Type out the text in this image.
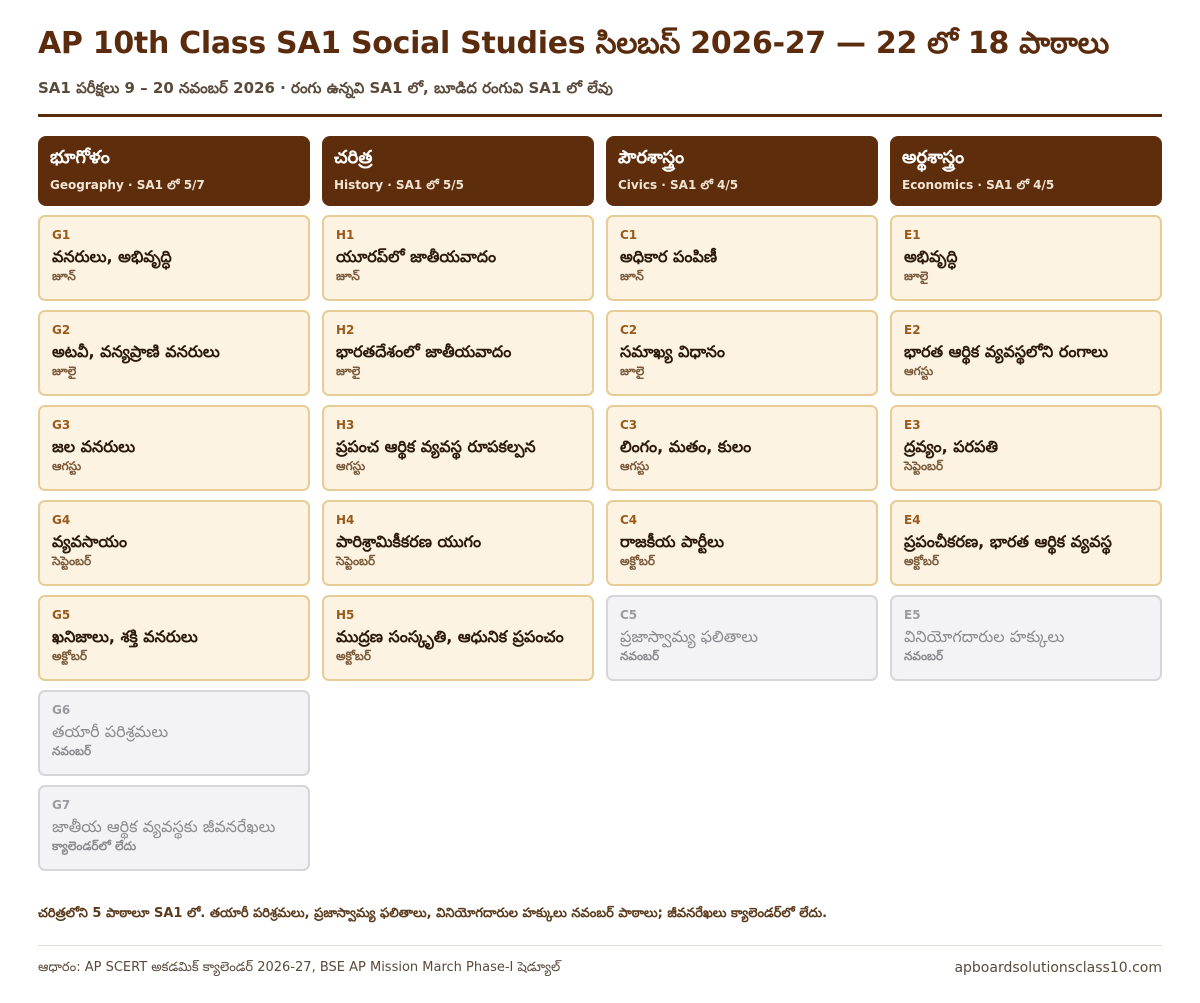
AP 10th Class SA1 Social Studies సిలబస్ 2026-27 — 22 లో 18 పాఠాలు
SA1 పరీక్షలు 9 – 20 నవంబర్ 2026 · రంగు ఉన్నవి SA1 లో, బూడిద రంగువి SA1 లో లేవు
భూగోళం
Geography · SA1 లో 5/7
G1
వనరులు, అభివృద్ధి
జూన్
G2
అటవీ, వన్యప్రాణి వనరులు
జూలై
G3
జల వనరులు
ఆగస్టు
G4
వ్యవసాయం
సెప్టెంబర్
G5
ఖనిజాలు, శక్తి వనరులు
అక్టోబర్
G6
తయారీ పరిశ్రమలు
నవంబర్
G7
జాతీయ ఆర్థిక వ్యవస్థకు జీవనరేఖలు
క్యాలెండర్‌లో లేదు
చరిత్ర
History · SA1 లో 5/5
H1
యూరప్‌లో జాతీయవాదం
జూన్
H2
భారతదేశంలో జాతీయవాదం
జూలై
H3
ప్రపంచ ఆర్థిక వ్యవస్థ రూపకల్పన
ఆగస్టు
H4
పారిశ్రామికీకరణ యుగం
సెప్టెంబర్
H5
ముద్రణ సంస్కృతి, ఆధునిక ప్రపంచం
అక్టోబర్
పౌరశాస్త్రం
Civics · SA1 లో 4/5
C1
అధికార పంపిణీ
జూన్
C2
సమాఖ్య విధానం
జూలై
C3
లింగం, మతం, కులం
ఆగస్టు
C4
రాజకీయ పార్టీలు
అక్టోబర్
C5
ప్రజాస్వామ్య ఫలితాలు
నవంబర్
అర్థశాస్త్రం
Economics · SA1 లో 4/5
E1
అభివృద్ధి
జూలై
E2
భారత ఆర్థిక వ్యవస్థలోని రంగాలు
ఆగస్టు
E3
ద్రవ్యం, పరపతి
సెప్టెంబర్
E4
ప్రపంచీకరణ, భారత ఆర్థిక వ్యవస్థ
అక్టోబర్
E5
వినియోగదారుల హక్కులు
నవంబర్
చరిత్రలోని 5 పాఠాలూ SA1 లో. తయారీ పరిశ్రమలు, ప్రజాస్వామ్య ఫలితాలు, వినియోగదారుల హక్కులు నవంబర్ పాఠాలు; జీవనరేఖలు క్యాలెండర్‌లో లేదు.
ఆధారం: AP SCERT అకడమిక్ క్యాలెండర్ 2026-27, BSE AP Mission March Phase-I షెడ్యూల్	apboardsolutionsclass10.com
